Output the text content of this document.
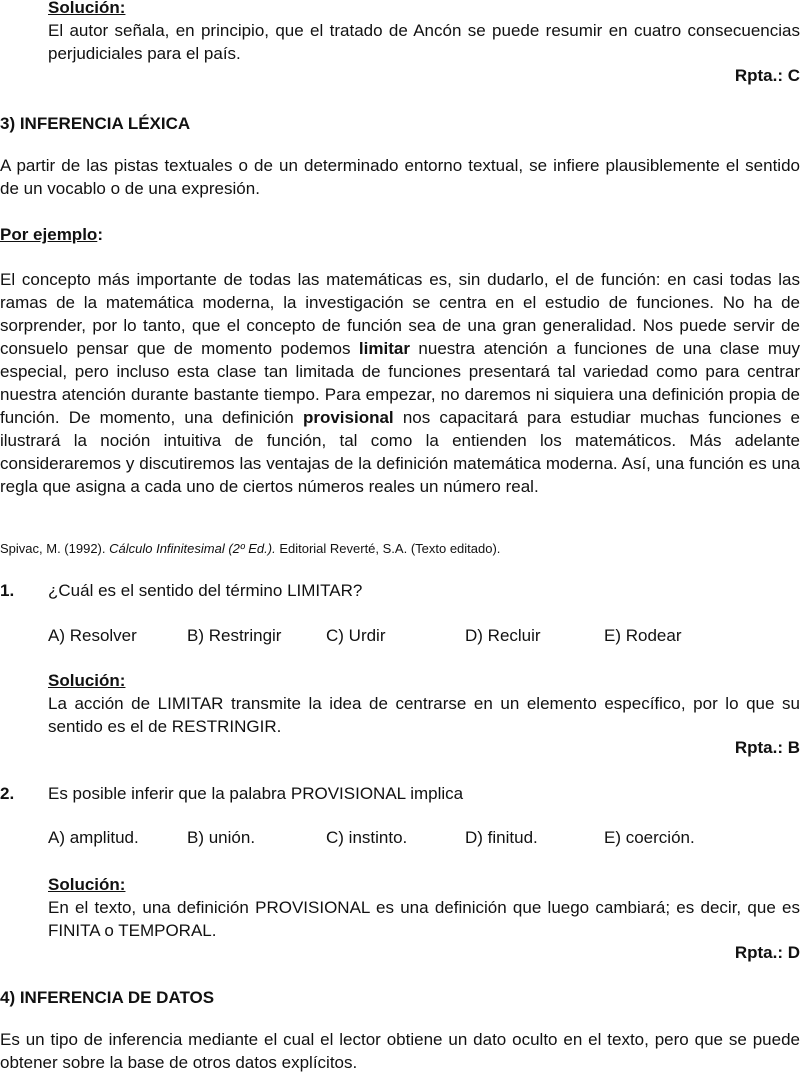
Solución:
El autor señala, en principio, que el tratado de Ancón se puede resumir en cuatro consecuencias perjudiciales para el país.
Rpta.: C
3) INFERENCIA LÉXICA
A partir de las pistas textuales o de un determinado entorno textual, se infiere plausiblemente el sentido de un vocablo o de una expresión.
Por ejemplo:
El concepto más importante de todas las matemáticas es, sin dudarlo, el de función: en casi todas las ramas de la matemática moderna, la investigación se centra en el estudio de funciones. No ha de sorprender, por lo tanto, que el concepto de función sea de una gran generalidad. Nos puede servir de consuelo pensar que de momento podemos limitar nuestra atención a funciones de una clase muy especial, pero incluso esta clase tan limitada de funciones presentará tal variedad como para centrar nuestra atención durante bastante tiempo. Para empezar, no daremos ni siquiera una definición propia de función. De momento, una definición provisional nos capacitará para estudiar muchas funciones e ilustrará la noción intuitiva de función, tal como la entienden los matemáticos. Más adelante consideraremos y discutiremos las ventajas de la definición matemática moderna. Así, una función es una regla que asigna a cada uno de ciertos números reales un número real.
Spivac, M. (1992). Cálculo Infinitesimal (2º Ed.). Editorial Reverté, S.A. (Texto editado).
1. ¿Cuál es el sentido del término LIMITAR?
A) Resolver	B) Restringir	C) Urdir	D) Recluir	E) Rodear
Solución:
La acción de LIMITAR transmite la idea de centrarse en un elemento específico, por lo que su sentido es el de RESTRINGIR.
Rpta.: B
2. Es posible inferir que la palabra PROVISIONAL implica
A) amplitud.	B) unión.	C) instinto.	D) finitud.	E) coerción.
Solución:
En el texto, una definición PROVISIONAL es una definición que luego cambiará; es decir, que es FINITA o TEMPORAL.
Rpta.: D
4) INFERENCIA DE DATOS
Es un tipo de inferencia mediante el cual el lector obtiene un dato oculto en el texto, pero que se puede obtener sobre la base de otros datos explícitos.
